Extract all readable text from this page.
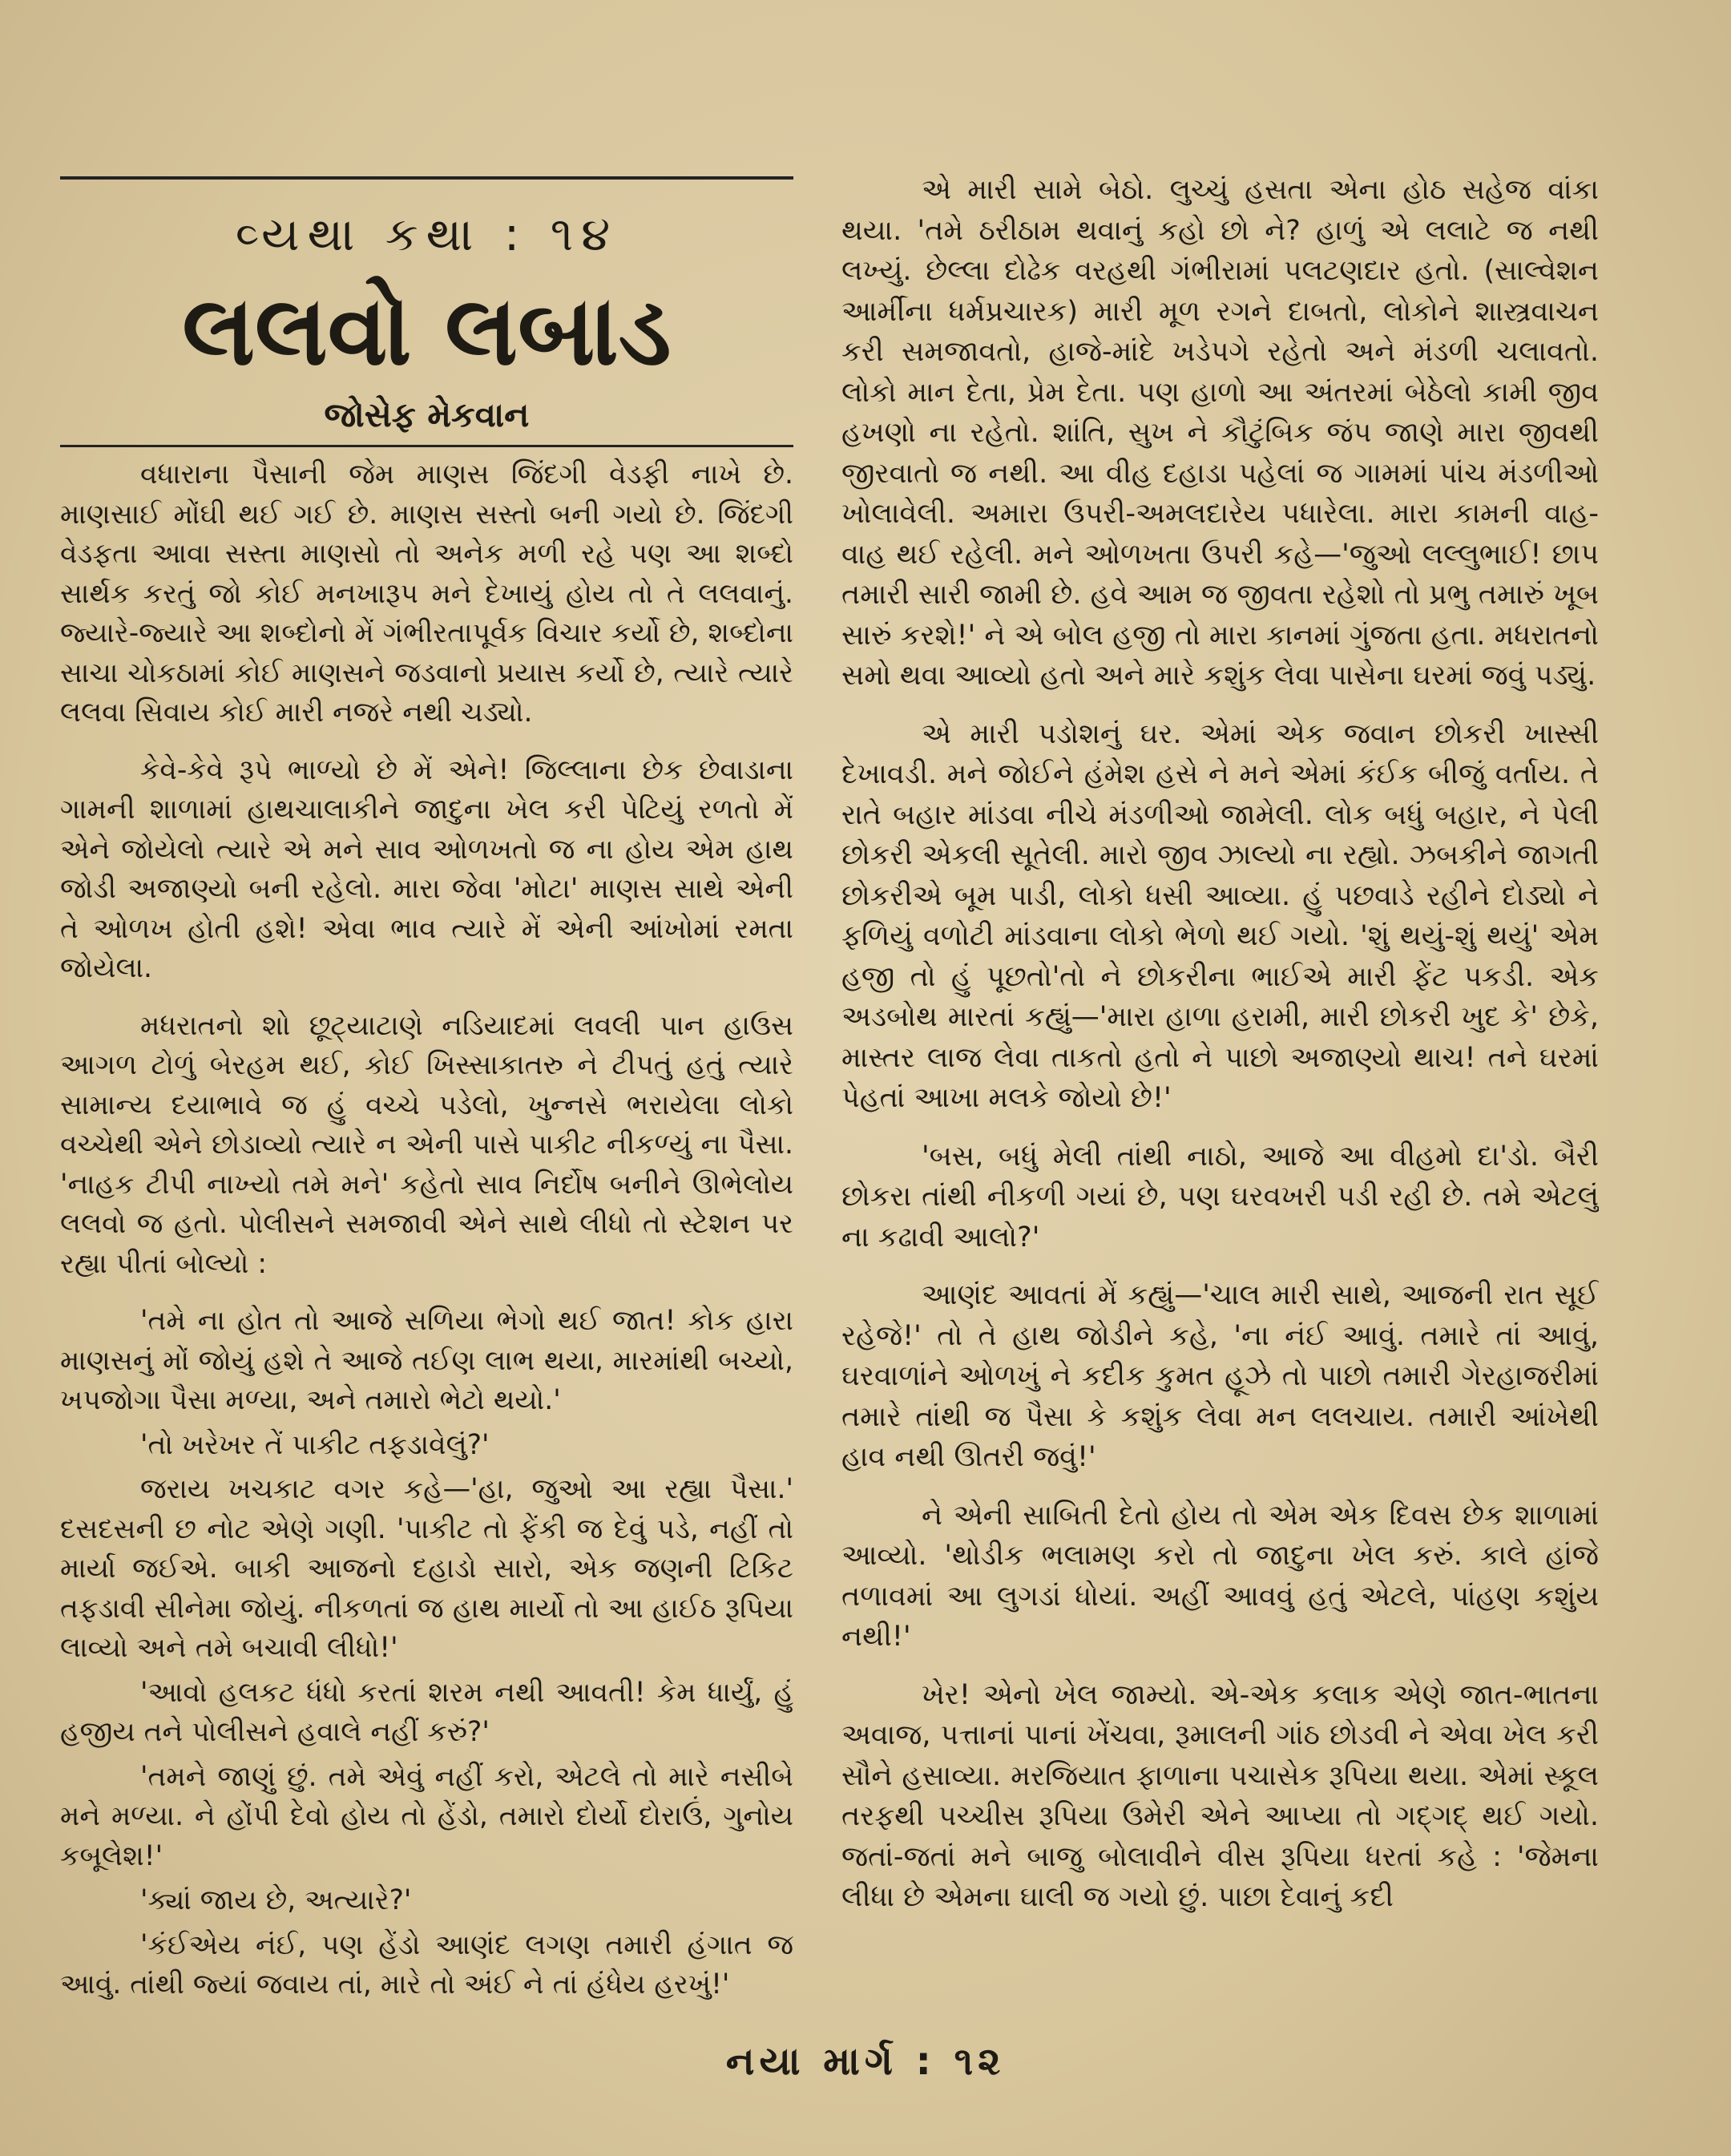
વ્યથા કથા : ૧૪
લલવો લબાડ
જોસેફ મેકવાન

વધારાના પૈસાની જેમ માણસ જિંદગી વેડફી નાખે છે. માણસાઈ મોંઘી થઈ ગઈ છે. માણસ સસ્તો બની ગયો છે. જિંદગી વેડફતા આવા સસ્તા માણસો તો અનેક મળી રહે પણ આ શબ્દો સાર્થક કરતું જો કોઈ મનખારૂપ મને દેખાયું હોય તો તે લલવાનું. જ્યારે-જ્યારે આ શબ્દોનો મેં ગંભીરતાપૂર્વક વિચાર કર્યો છે, શબ્દોના સાચા ચોકઠામાં કોઈ માણસને જડવાનો પ્રયાસ કર્યો છે, ત્યારે ત્યારે લલવા સિવાય કોઈ મારી નજરે નથી ચડ્યો.

કેવે-કેવે રૂપે ભાળ્યો છે મેં એને! જિલ્લાના છેક છેવાડાના ગામની શાળામાં હાથચાલાકીને જાદુના ખેલ કરી પેટિયું રળતો મેં એને જોયેલો ત્યારે એ મને સાવ ઓળખતો જ ના હોય એમ હાથ જોડી અજાણ્યો બની રહેલો. મારા જેવા 'મોટા' માણસ સાથે એની તે ઓળખ હોતી હશે! એવા ભાવ ત્યારે મેં એની આંખોમાં રમતા જોયેલા.

મધરાતનો શો છૂટ્યાટાણે નડિયાદમાં લવલી પાન હાઉસ આગળ ટોળું બેરહમ થઈ, કોઈ ખિસ્સાકાતરુ ને ટીપતું હતું ત્યારે સામાન્ય દયાભાવે જ હું વચ્ચે પડેલો, ખુન્નસે ભરાયેલા લોકો વચ્ચેથી એને છોડાવ્યો ત્યારે ન એની પાસે પાકીટ નીકળ્યું ના પૈસા. 'નાહક ટીપી નાખ્યો તમે મને' કહેતો સાવ નિર્દોષ બનીને ઊભેલોય લલવો જ હતો. પોલીસને સમજાવી એને સાથે લીધો તો સ્ટેશન પર રહ્યા પીતાં બોલ્યો :

'તમે ના હોત તો આજે સળિયા ભેગો થઈ જાત! કોક હારા માણસનું મોં જોયું હશે તે આજે તઈણ લાભ થયા, મારમાંથી બચ્યો, ખપજોગા પૈસા મળ્યા, અને તમારો ભેટો થયો.'

'તો ખરેખર તેં પાકીટ તફડાવેલું?'

જરાય ખચકાટ વગર કહે—'હા, જુઓ આ રહ્યા પૈસા.' દસદસની છ નોટ એણે ગણી. 'પાકીટ તો ફેંકી જ દેવું પડે, નહીં તો માર્યા જઈએ. બાકી આજનો દહાડો સારો, એક જણની ટિકિટ તફડાવી સીનેમા જોયું. નીકળતાં જ હાથ માર્યો તો આ હાઈઠ રૂપિયા લાવ્યો અને તમે બચાવી લીધો!'

'આવો હલકટ ધંધો કરતાં શરમ નથી આવતી! કેમ ધાર્યું, હું હજીય તને પોલીસને હવાલે નહીં કરું?'

'તમને જાણું છું. તમે એવું નહીં કરો, એટલે તો મારે નસીબે મને મળ્યા. ને હોંપી દેવો હોય તો હેંડો, તમારો દોર્યો દોરાઉં, ગુનોય કબૂલેશ!'

'ક્યાં જાય છે, અત્યારે?'

'કંઈએય નંઈ, પણ હેંડો આણંદ લગણ તમારી હંગાત જ આવું. તાંથી જ્યાં જવાય તાં, મારે તો અંઈ ને તાં હંધેય હરખું!'

એ મારી સામે બેઠો. લુચ્ચું હસતા એના હોઠ સહેજ વાંકા થયા. 'તમે ઠરીઠામ થવાનું કહો છો ને? હાળું એ લલાટે જ નથી લખ્યું. છેલ્લા દોઢેક વરહથી ગંભીરામાં પલટણદાર હતો. (સાલ્વેશન આર્મીના ધર્મપ્રચારક) મારી મૂળ રગને દાબતો, લોકોને શાસ્ત્રવાચન કરી સમજાવતો, હાજે-માંદે ખડેપગે રહેતો અને મંડળી ચલાવતો. લોકો માન દેતા, પ્રેમ દેતા. પણ હાળો આ અંતરમાં બેઠેલો કામી જીવ હખણો ના રહેતો. શાંતિ, સુખ ને કૌટુંબિક જંપ જાણે મારા જીવથી જીરવાતો જ નથી. આ વીહ દહાડા પહેલાં જ ગામમાં પાંચ મંડળીઓ ખોલાવેલી. અમારા ઉપરી-અમલદારેય પધારેલા. મારા કામની વાહ-વાહ થઈ રહેલી. મને ઓળખતા ઉપરી કહે—'જુઓ લલ્લુભાઈ! છાપ તમારી સારી જામી છે. હવે આમ જ જીવતા રહેશો તો પ્રભુ તમારું ખૂબ સારું કરશે!' ને એ બોલ હજી તો મારા કાનમાં ગુંજતા હતા. મધરાતનો સમો થવા આવ્યો હતો અને મારે કશુંક લેવા પાસેના ઘરમાં જવું પડ્યું.

એ મારી પડોશનું ઘર. એમાં એક જવાન છોકરી ખાસ્સી દેખાવડી. મને જોઈને હંમેશ હસે ને મને એમાં કંઈક બીજું વર્તાય. તે રાતે બહાર માંડવા નીચે મંડળીઓ જામેલી. લોક બધું બહાર, ને પેલી છોકરી એકલી સૂતેલી. મારો જીવ ઝાલ્યો ના રહ્યો. ઝબકીને જાગતી છોકરીએ બૂમ પાડી, લોકો ધસી આવ્યા. હું પછવાડે રહીને દોડ્યો ને ફળિયું વળોટી માંડવાના લોકો ભેળો થઈ ગયો. 'શું થયું-શું થયું' એમ હજી તો હું પૂછતો'તો ને છોકરીના ભાઈએ મારી ફેંટ પકડી. એક અડબોથ મારતાં કહ્યું—'મારા હાળા હરામી, મારી છોકરી ખુદ કે' છેકે, માસ્તર લાજ લેવા તાકતો હતો ને પાછો અજાણ્યો થાચ! તને ઘરમાં પેહતાં આખા મલકે જોયો છે!'

'બસ, બધું મેલી તાંથી નાઠો, આજે આ વીહમો દા'ડો. બૈરી છોકરા તાંથી નીકળી ગયાં છે, પણ ઘરવખરી પડી રહી છે. તમે એટલું ના કઢાવી આલો?'

આણંદ આવતાં મેં કહ્યું—'ચાલ મારી સાથે, આજની રાત સૂઈ રહેજે!' તો તે હાથ જોડીને કહે, 'ના નંઈ આવું. તમારે તાં આવું, ઘરવાળાંને ઓળખું ને કદીક કુમત હૂઝે તો પાછો તમારી ગેરહાજરીમાં તમારે તાંથી જ પૈસા કે કશુંક લેવા મન લલચાય. તમારી આંખેથી હાવ નથી ઊતરી જવું!'

ને એની સાબિતી દેતો હોય તો એમ એક દિવસ છેક શાળામાં આવ્યો. 'થોડીક ભલામણ કરો તો જાદુના ખેલ કરું. કાલે હાંજે તળાવમાં આ લુગડાં ધોયાં. અહીં આવવું હતું એટલે, પાંહણ કશુંય નથી!'

ખેર! એનો ખેલ જામ્યો. એ-એક કલાક એણે જાત-ભાતના અવાજ, પત્તાનાં પાનાં ખેંચવા, રૂમાલની ગાંઠ છોડવી ને એવા ખેલ કરી સૌને હસાવ્યા. મરજિયાત ફાળાના પચાસેક રૂપિયા થયા. એમાં સ્કૂલ તરફથી પચ્ચીસ રૂપિયા ઉમેરી એને આપ્યા તો ગદ્ગદ્ થઈ ગયો. જતાં-જતાં મને બાજુ બોલાવીને વીસ રૂપિયા ધરતાં કહે : 'જેમના લીધા છે એમના ઘાલી જ ગયો છું. પાછા દેવાનું કદી

નયા માર્ગ : ૧૨
